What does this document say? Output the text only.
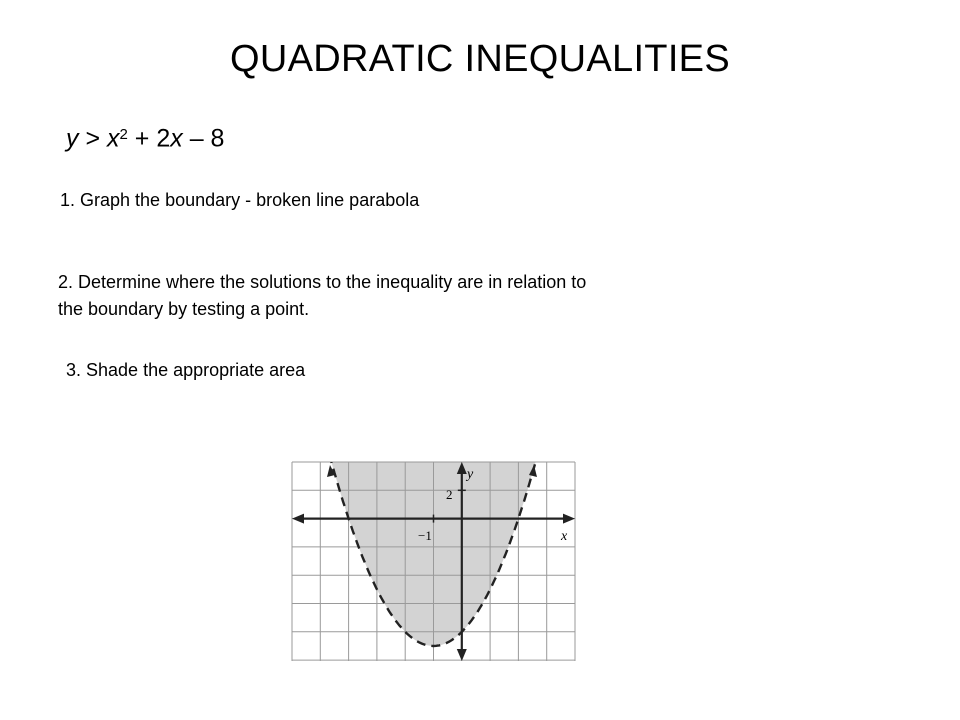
QUADRATIC INEQUALITIES
$y > x^2 + 2x - 8$
1. Graph the boundary - broken line parabola
2. Determine where the solutions to the inequality are in relation to
the boundary by testing a point.
3. Shade the appropriate area
x
y
2
−1
